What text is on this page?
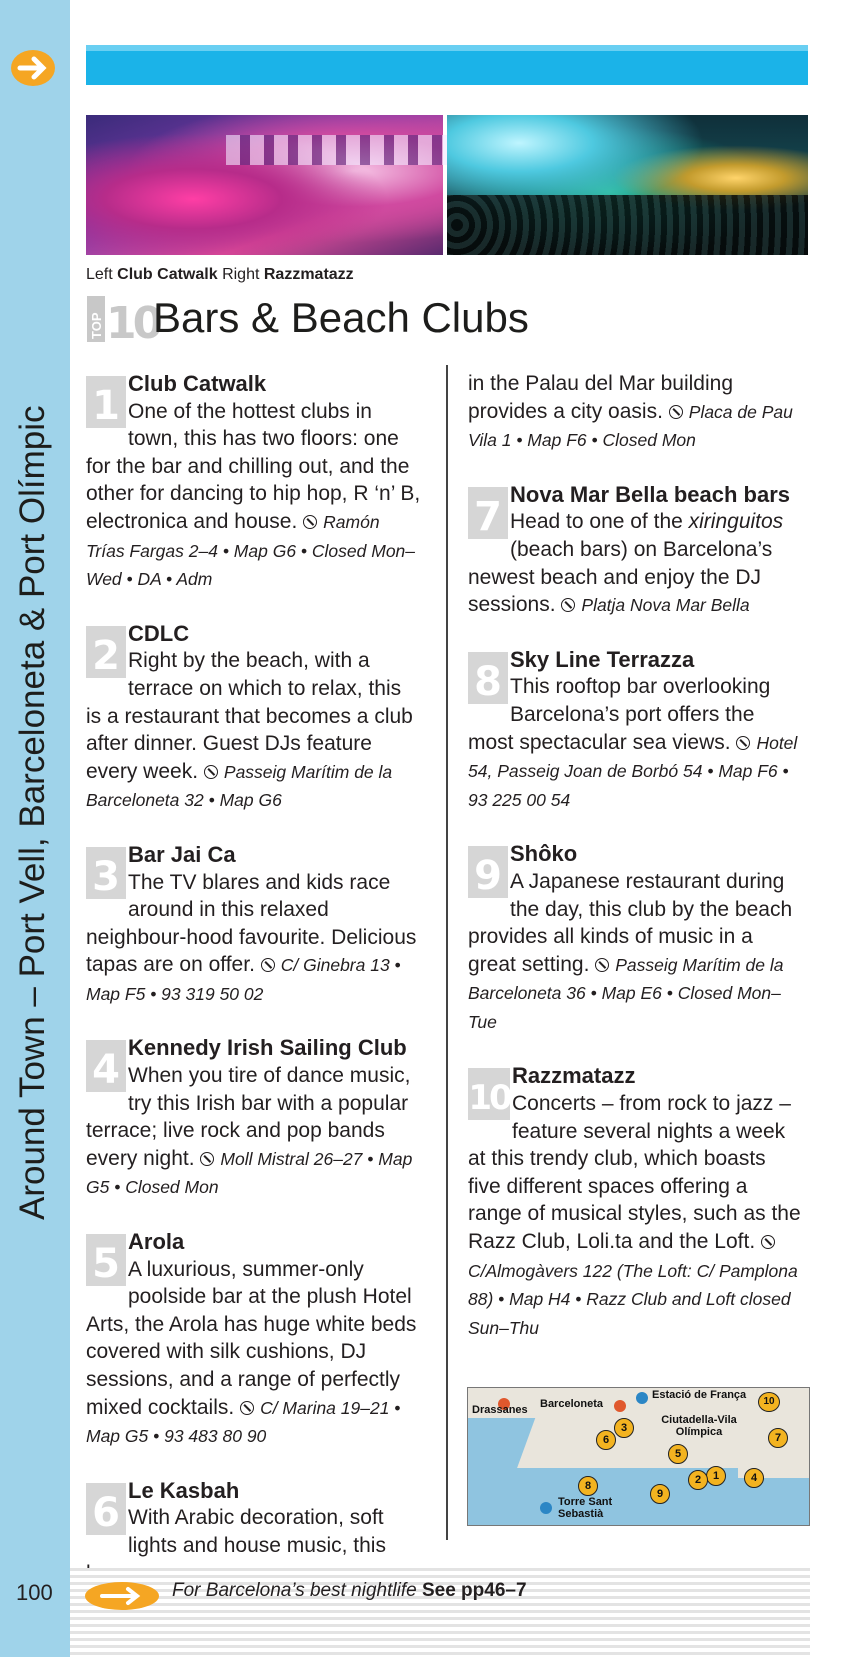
Around Town – Port Vell, Barceloneta & Port Olímpic
Left Club Catwalk Right Razzmatazz
TOP 10
Bars & Beach Clubs
1 Club Catwalk
One of the hottest clubs in town, this has two floors: one for the bar and chilling out, and the other for dancing to hip hop, R ‘n’ B, electronica and house. Ramón Trías Fargas 2–4 • Map G6 • Closed Mon–Wed • DA • Adm
2 CDLC
Right by the beach, with a terrace on which to relax, this is a restaurant that becomes a club after dinner. Guest DJs feature every week. Passeig Marítim de la Barceloneta 32 • Map G6
3 Bar Jai Ca
The TV blares and kids race around in this relaxed neighbour-hood favourite. Delicious tapas are on offer. C/ Ginebra 13 • Map F5 • 93 319 50 02
4 Kennedy Irish Sailing Club
When you tire of dance music, try this Irish bar with a popular terrace; live rock and pop bands every night. Moll Mistral 26–27 • Map G5 • Closed Mon
5 Arola
A luxurious, summer-only poolside bar at the plush Hotel Arts, the Arola has huge white beds covered with silk cushions, DJ sessions, and a range of perfectly mixed cocktails. C/ Marina 19–21 • Map G5 • 93 483 80 90
6 Le Kasbah
With Arabic decoration, soft lights and house music, this
in the Palau del Mar building provides a city oasis. Placa de Pau Vila 1 • Map F6 • Closed Mon
7 Nova Mar Bella beach bars
Head to one of the xiringuitos (beach bars) on Barcelona’s newest beach and enjoy the DJ sessions. Platja Nova Mar Bella
8 Sky Line Terrazza
This rooftop bar overlooking Barcelona’s port offers the most spectacular sea views. Hotel 54, Passeig Joan de Borbó 54 • Map F6 • 93 225 00 54
9 Shôko
A Japanese restaurant during the day, this club by the beach provides all kinds of music in a great setting. Passeig Marítim de la Barceloneta 36 • Map E6 • Closed Mon–Tue
10
Razzmatazz
Concerts – from rock to jazz – feature several nights a week at this trendy club, which boasts five different spaces offering a range of musical styles, such as the Razz Club, Loli.ta and the Loft. C/Almogàvers 122 (The Loft: C/ Pamplona 88) • Map H4 • Razz Club and Loft closed Sun–Thu
Drassanes Barceloneta
Estació de França
Ciutadella-Vila Olímpica
Torre Sant Sebastià
3
6
5
1
2	4
7
8
9
10
100	For Barcelona’s best nightlife See pp46–7
